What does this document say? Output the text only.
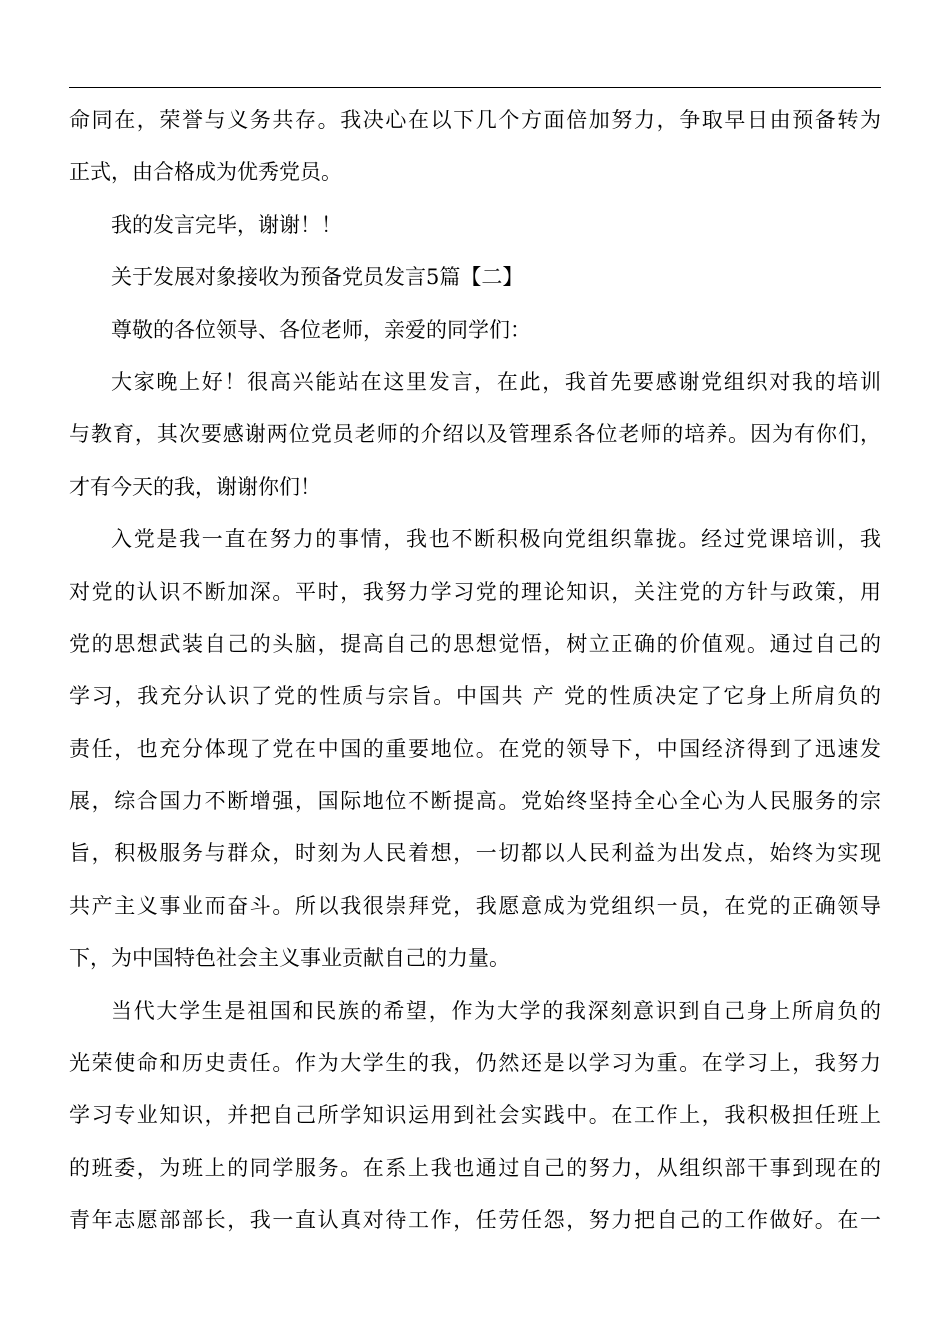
命同在，荣誉与义务共存。我决心在以下几个方面倍加努力，争取早日由预备转为
正式，由合格成为优秀党员。
我的发言完毕，谢谢！！
关于发展对象接收为预备党员发言5篇【二】
尊敬的各位领导、各位老师，亲爱的同学们：
大家晚上好！很高兴能站在这里发言，在此，我首先要感谢党组织对我的培训
与教育，其次要感谢两位党员老师的介绍以及管理系各位老师的培养。因为有你们，
才有今天的我，谢谢你们！
入党是我一直在努力的事情，我也不断积极向党组织靠拢。经过党课培训，我
对党的认识不断加深。平时，我努力学习党的理论知识，关注党的方针与政策，用
党的思想武装自己的头脑，提高自己的思想觉悟，树立正确的价值观。通过自己的
学习，我充分认识了党的性质与宗旨。中国共 产 党的性质决定了它身上所肩负的
责任，也充分体现了党在中国的重要地位。在党的领导下，中国经济得到了迅速发
展，综合国力不断增强，国际地位不断提高。党始终坚持全心全心为人民服务的宗
旨，积极服务与群众，时刻为人民着想，一切都以人民利益为出发点，始终为实现
共产主义事业而奋斗。所以我很崇拜党，我愿意成为党组织一员，在党的正确领导
下，为中国特色社会主义事业贡献自己的力量。
当代大学生是祖国和民族的希望，作为大学的我深刻意识到自己身上所肩负的
光荣使命和历史责任。作为大学生的我，仍然还是以学习为重。在学习上，我努力
学习专业知识，并把自己所学知识运用到社会实践中。在工作上，我积极担任班上
的班委，为班上的同学服务。在系上我也通过自己的努力，从组织部干事到现在的
青年志愿部部长，我一直认真对待工作，任劳任怨，努力把自己的工作做好。在一
